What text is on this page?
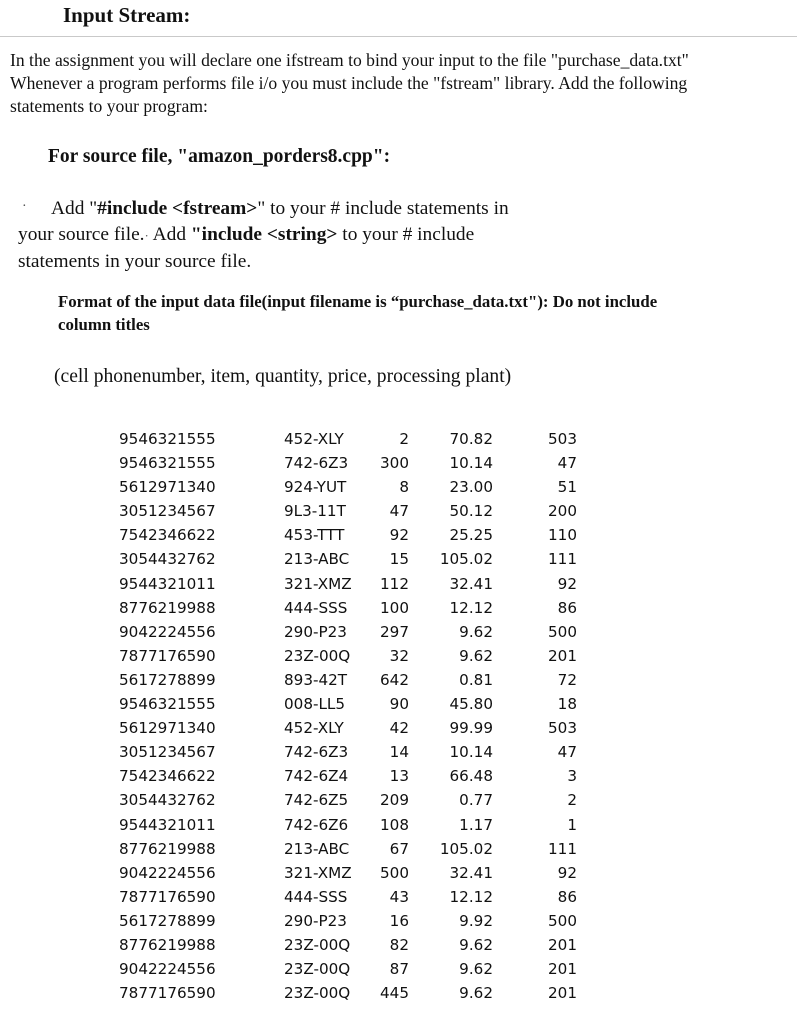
Input Stream:
In the assignment you will declare one ifstream to bind your input to the file "purchase_data.txt"
Whenever a program performs file i/o you must include the "fstream" library. Add the following
statements to your program:
For source file, "amazon_porders8.cpp":
·	Add "#include <fstream>" to your # include statements in
your source file.· Add "include <string> to your # include
statements in your source file.
Format of the input data file(input filename is “purchase_data.txt"): Do not include
column titles
(cell phonenumber, item, quantity, price, processing plant)
9546321555	452-XLY	2	70.82	503
9546321555	742-6Z3	300	10.14	47
5612971340	924-YUT	8	23.00	51
3051234567	9L3-11T	47	50.12	200
7542346622	453-TTT	92	25.25	110
3054432762	213-ABC	15	105.02	111
9544321011	321-XMZ	112	32.41	92
8776219988	444-SSS	100	12.12	86
9042224556	290-P23	297	9.62	500
7877176590	23Z-00Q	32	9.62	201
5617278899	893-42T	642	0.81	72
9546321555	008-LL5	90	45.80	18
5612971340	452-XLY	42	99.99	503
3051234567	742-6Z3	14	10.14	47
7542346622	742-6Z4	13	66.48	3
3054432762	742-6Z5	209	0.77	2
9544321011	742-6Z6	108	1.17	1
8776219988	213-ABC	67	105.02	111
9042224556	321-XMZ	500	32.41	92
7877176590	444-SSS	43	12.12	86
5617278899	290-P23	16	9.92	500
8776219988	23Z-00Q	82	9.62	201
9042224556	23Z-00Q	87	9.62	201
7877176590	23Z-00Q	445	9.62	201
